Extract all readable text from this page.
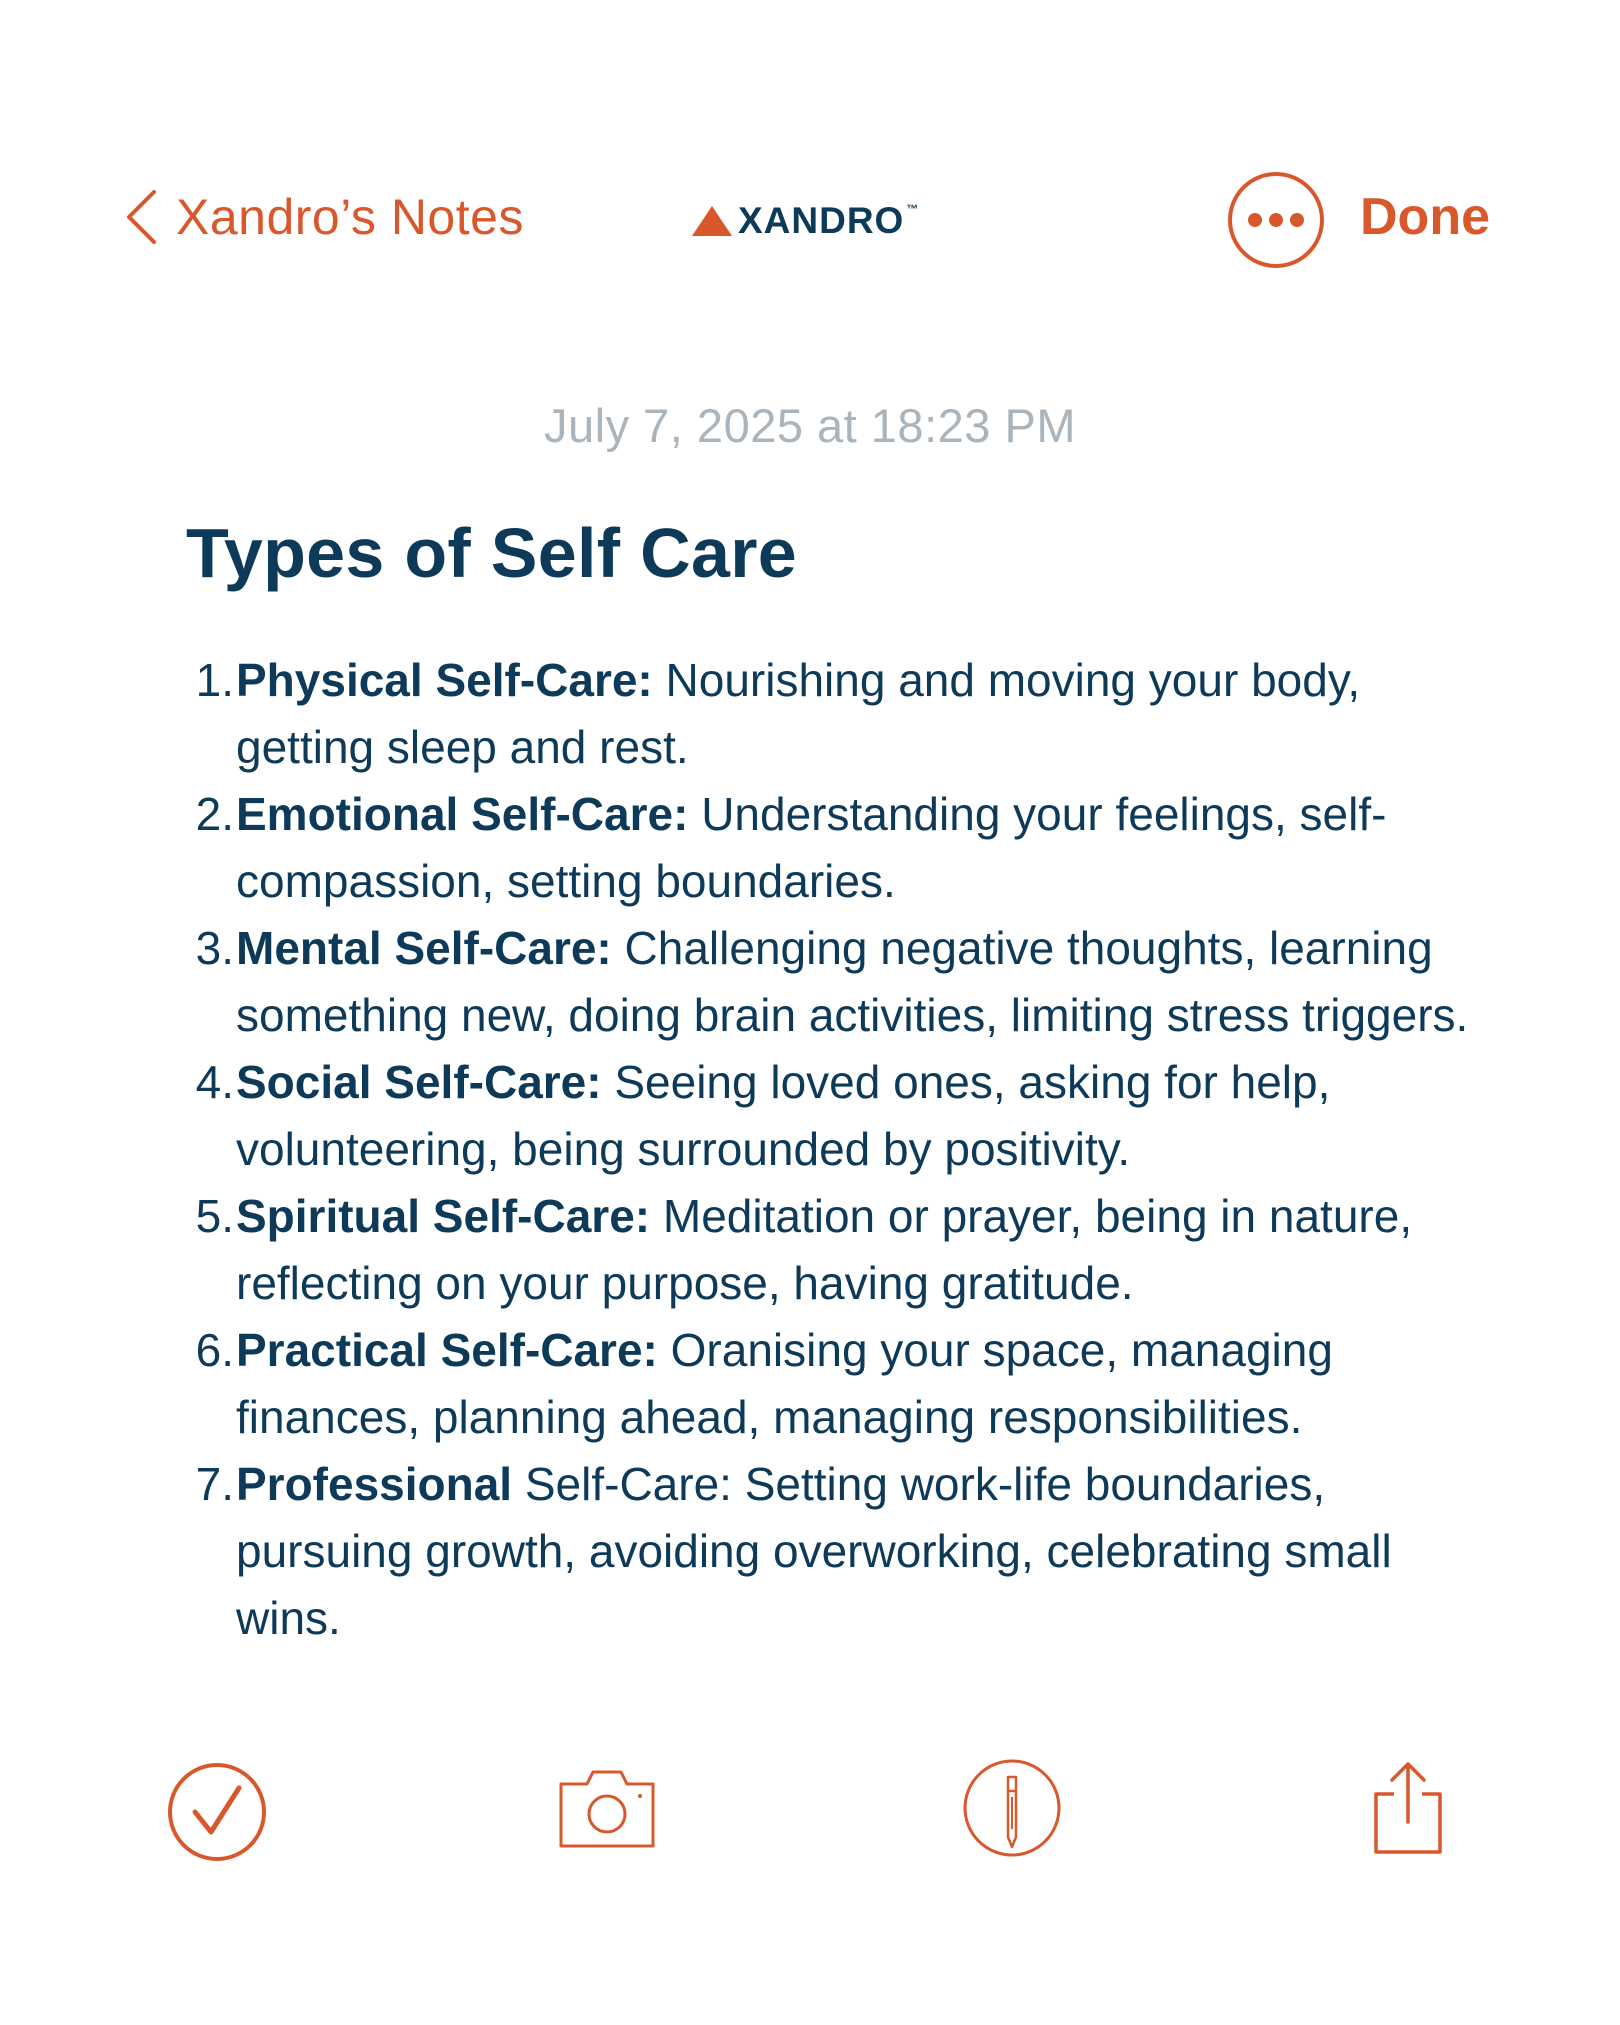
Xandro’s Notes	XANDRO ™	Done
July 7, 2025 at 18:23 PM
Types of Self Care
1. Physical Self-Care: Nourishing and moving your body, getting sleep and rest.
2. Emotional Self-Care: Understanding your feelings, self-compassion, setting boundaries.
3. Mental Self-Care: Challenging negative thoughts, learning something new, doing brain activities, limiting stress triggers.
4. Social Self-Care: Seeing loved ones, asking for help, volunteering, being surrounded by positivity.
5. Spiritual Self-Care: Meditation or prayer, being in nature, reflecting on your purpose, having gratitude.
6. Practical Self-Care: Oranising your space, managing finances, planning ahead, managing responsibilities.
7. Professional Self-Care: Setting work-life boundaries, pursuing growth, avoiding overworking, celebrating small wins.
